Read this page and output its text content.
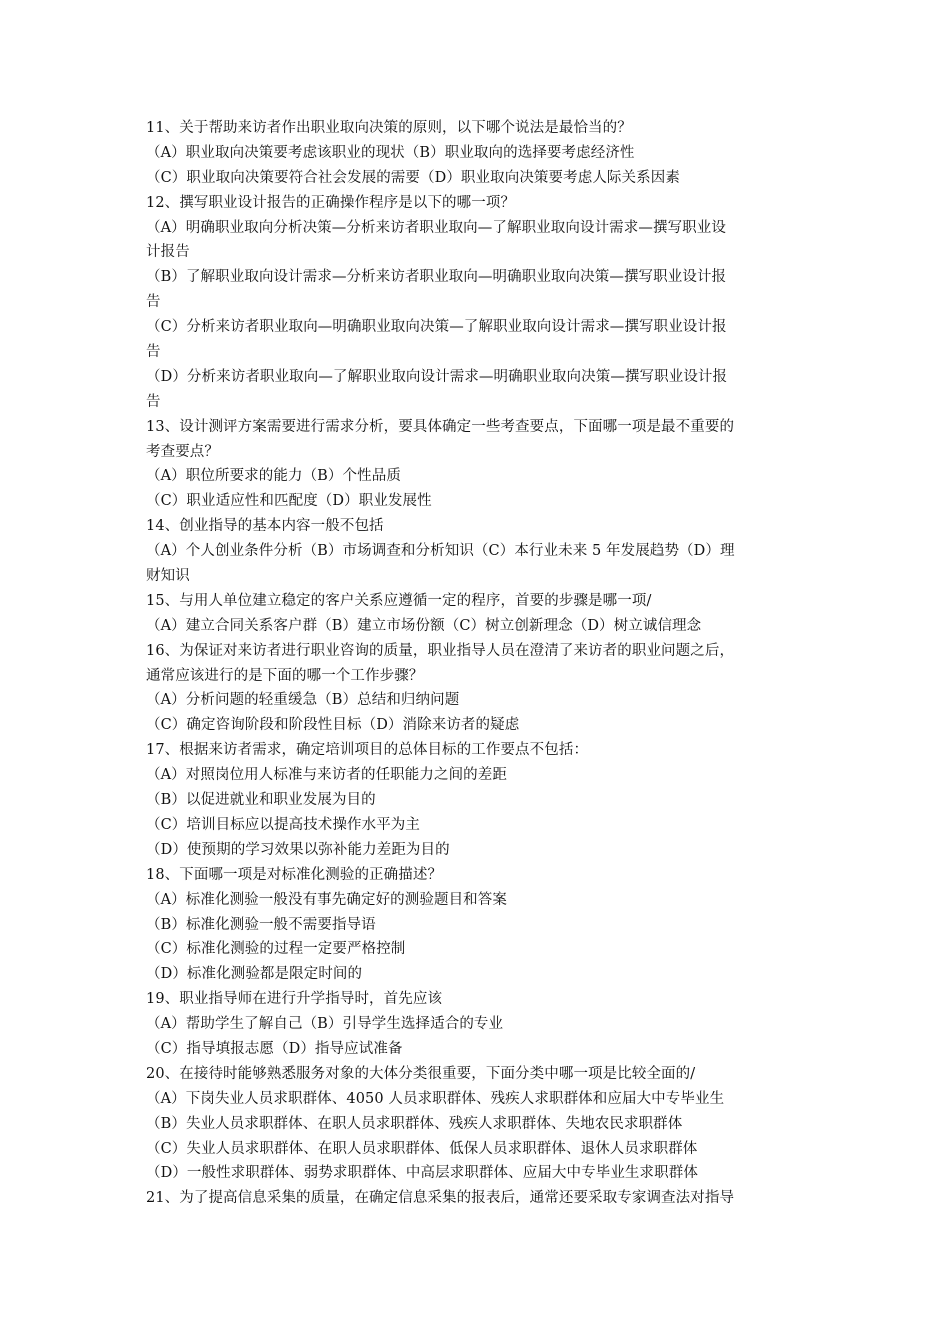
11、关于帮助来访者作出职业取向决策的原则，以下哪个说法是最恰当的？
（A）职业取向决策要考虑该职业的现状（B）职业取向的选择要考虑经济性
（C）职业取向决策要符合社会发展的需要（D）职业取向决策要考虑人际关系因素
12、撰写职业设计报告的正确操作程序是以下的哪一项？
（A）明确职业取向分析决策—分析来访者职业取向—了解职业取向设计需求—撰写职业设
计报告
（B）了解职业取向设计需求—分析来访者职业取向—明确职业取向决策—撰写职业设计报
告
（C）分析来访者职业取向—明确职业取向决策—了解职业取向设计需求—撰写职业设计报
告
（D）分析来访者职业取向—了解职业取向设计需求—明确职业取向决策—撰写职业设计报
告
13、设计测评方案需要进行需求分析，要具体确定一些考查要点，下面哪一项是最不重要的
考查要点？
（A）职位所要求的能力（B）个性品质
（C）职业适应性和匹配度（D）职业发展性
14、创业指导的基本内容一般不包括
（A）个人创业条件分析（B）市场调查和分析知识（C）本行业未来 5 年发展趋势（D）理
财知识
15、与用人单位建立稳定的客户关系应遵循一定的程序，首要的步骤是哪一项/
（A）建立合同关系客户群（B）建立市场份额（C）树立创新理念（D）树立诚信理念
16、为保证对来访者进行职业咨询的质量，职业指导人员在澄清了来访者的职业问题之后，
通常应该进行的是下面的哪一个工作步骤？
（A）分析问题的轻重缓急（B）总结和归纳问题
（C）确定咨询阶段和阶段性目标（D）消除来访者的疑虑
17、根据来访者需求，确定培训项目的总体目标的工作要点不包括：
（A）对照岗位用人标准与来访者的任职能力之间的差距
（B）以促进就业和职业发展为目的
（C）培训目标应以提高技术操作水平为主
（D）使预期的学习效果以弥补能力差距为目的
18、下面哪一项是对标准化测验的正确描述？
（A）标准化测验一般没有事先确定好的测验题目和答案
（B）标准化测验一般不需要指导语
（C）标准化测验的过程一定要严格控制
（D）标准化测验都是限定时间的
19、职业指导师在进行升学指导时，首先应该
（A）帮助学生了解自己（B）引导学生选择适合的专业
（C）指导填报志愿（D）指导应试准备
20、在接待时能够熟悉服务对象的大体分类很重要，下面分类中哪一项是比较全面的/
（A）下岗失业人员求职群体、4050 人员求职群体、残疾人求职群体和应届大中专毕业生
（B）失业人员求职群体、在职人员求职群体、残疾人求职群体、失地农民求职群体
（C）失业人员求职群体、在职人员求职群体、低保人员求职群体、退休人员求职群体
（D）一般性求职群体、弱势求职群体、中高层求职群体、应届大中专毕业生求职群体
21、为了提高信息采集的质量，在确定信息采集的报表后，通常还要采取专家调查法对指导
